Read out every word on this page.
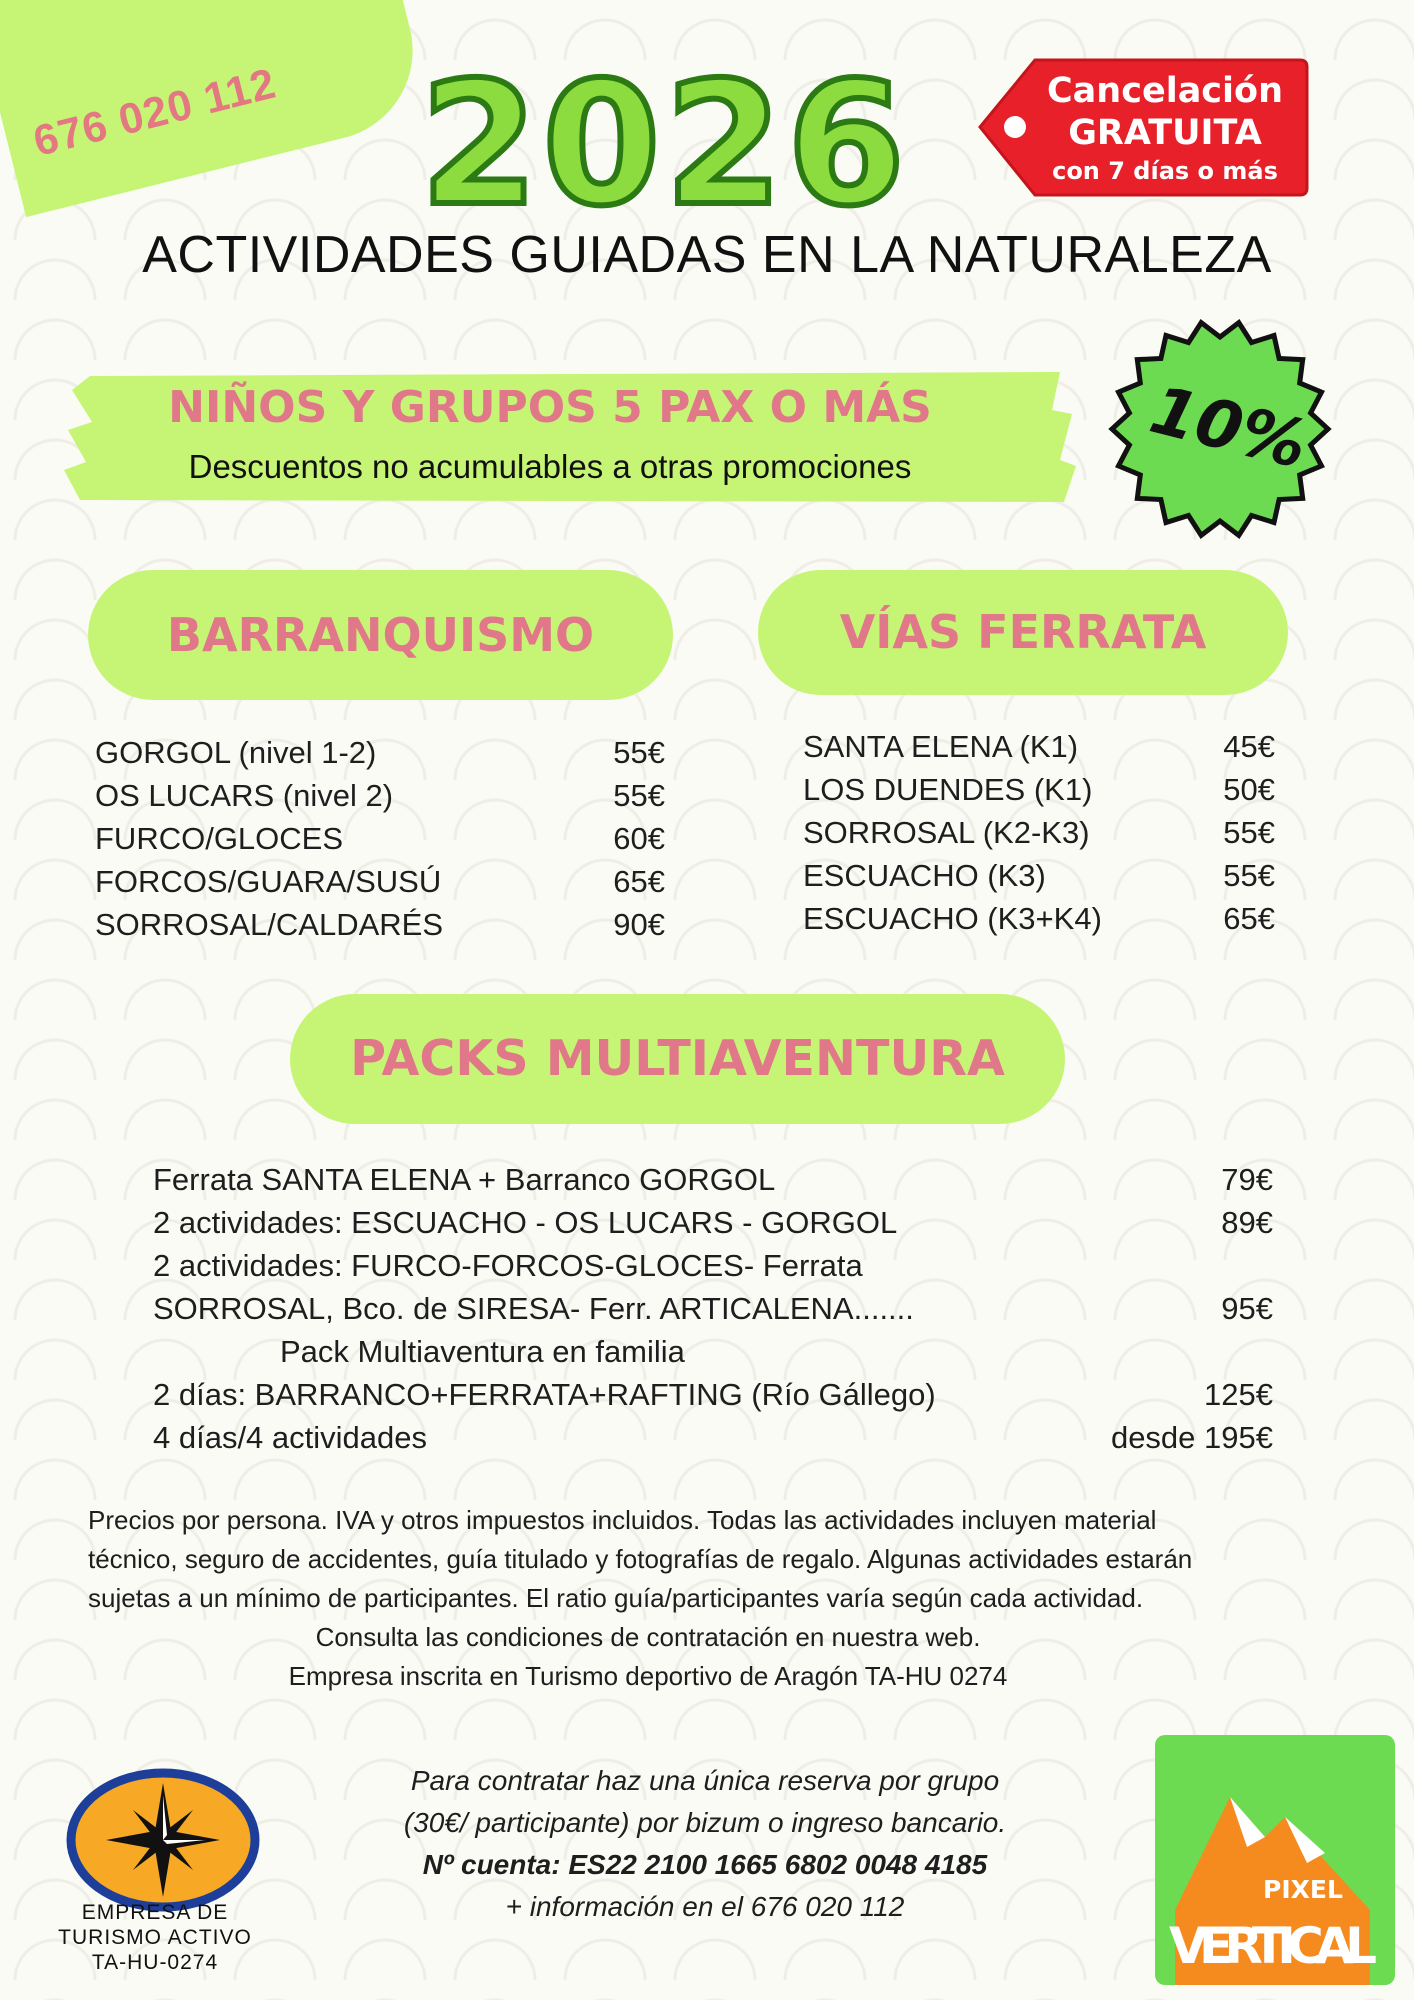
676 020 112 2026	Cancelación
GRATUITA
con 7 días o más
ACTIVIDADES GUIADAS EN LA NATURALEZA
NIÑOS Y GRUPOS 5 PAX O MÁS
Descuentos no acumulables a otras promociones	10%
BARRANQUISMO	VÍAS FERRATA
GORGOL (nivel 1-2)	55€
OS LUCARS (nivel 2)	55€
FURCO/GLOCES	60€
FORCOS/GUARA/SUSÚ	65€
SORROSAL/CALDARÉS	90€
SANTA ELENA (K1)	45€
LOS DUENDES (K1)	50€
SORROSAL (K2-K3)	55€
ESCUACHO (K3)	55€
ESCUACHO (K3+K4)	65€
PACKS MULTIAVENTURA
Ferrata SANTA ELENA + Barranco GORGOL	79€
2 actividades: ESCUACHO - OS LUCARS - GORGOL	89€
2 actividades: FURCO-FORCOS-GLOCES- Ferrata
SORROSAL, Bco. de SIRESA- Ferr. ARTICALENA.......	95€
Pack Multiaventura en familia
2 días: BARRANCO+FERRATA+RAFTING (Río Gállego)	125€
4 días/4 actividades	desde 195€
Precios por persona. IVA y otros impuestos incluidos. Todas las actividades incluyen material
técnico, seguro de accidentes, guía titulado y fotografías de regalo. Algunas actividades estarán
sujetas a un mínimo de participantes. El ratio guía/participantes varía según cada actividad.
Consulta las condiciones de contratación en nuestra web.
Empresa inscrita en Turismo deportivo de Aragón TA-HU 0274
Para contratar haz una única reserva por grupo
(30€/ participante) por bizum o ingreso bancario.
Nº cuenta: ES22 2100 1665 6802 0048 4185
+ información en el 676 020 112
EMPRESA DE
TURISMO ACTIVO
TA-HU-0274
PIXEL
VERTICAL
